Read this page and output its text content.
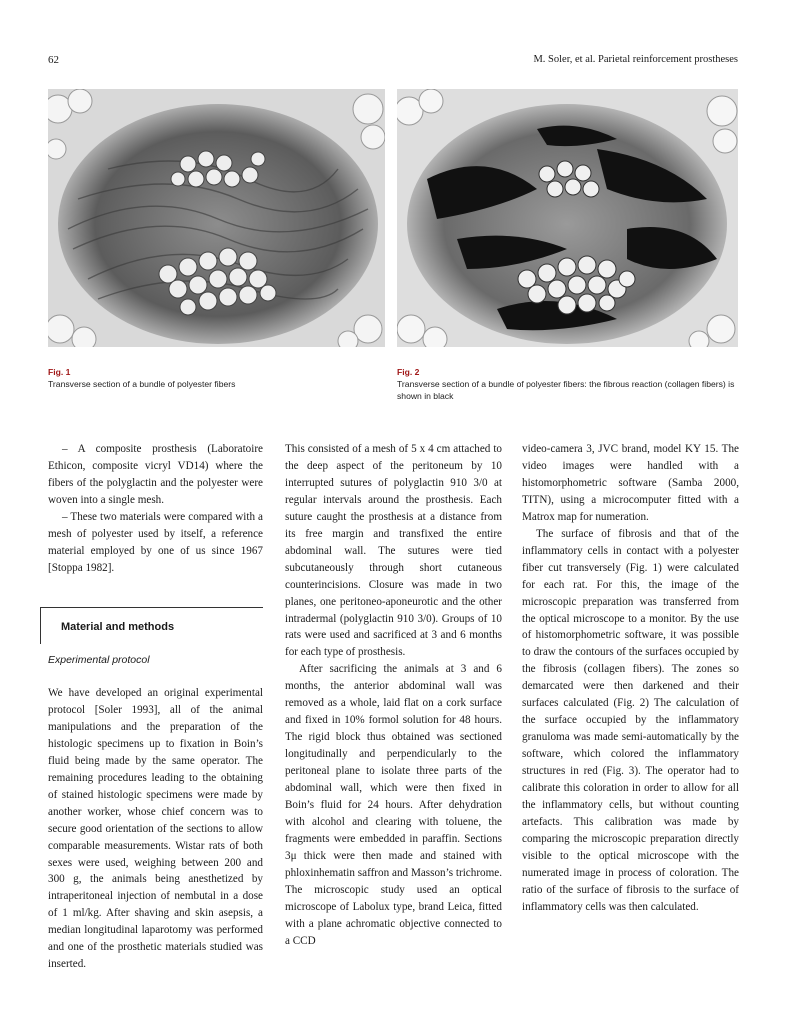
62	M. Soler, et al. Parietal reinforcement prostheses
Fig. 1
Transverse section of a bundle of polyester fibers
Fig. 2
Transverse section of a bundle of polyester fibers: the fibrous reaction (collagen fibers) is shown in black

– A composite prosthesis (Laboratoire Ethicon, composite vicryl VD14) where the fibers of the polyglactin and the polyester were woven into a single mesh.

– These two materials were compared with a mesh of polyester used by itself, a reference material employed by one of us since 1967 [Stoppa 1982].

Material and methods
Experimental protocol

We have developed an original experimental protocol [Soler 1993], all of the animal manipulations and the preparation of the histologic specimens up to fixation in Boin’s fluid being made by the same operator. The remaining procedures leading to the obtaining of stained histologic specimens were made by another worker, whose chief concern was to secure good orientation of the sections to allow comparable measurements. Wistar rats of both sexes were used, weighing between 200 and 300 g, the animals being anesthetized by intraperitoneal injection of nembutal in a dose of 1 ml/kg. After shaving and skin asepsis, a median longitudinal laparotomy was performed and one of the prosthetic materials studied was inserted.

This consisted of a mesh of 5 x 4 cm attached to the deep aspect of the peritoneum by 10 interrupted sutures of polyglactin 910 3/0 at regular intervals around the prosthesis. Each suture caught the prosthesis at a distance from its free margin and transfixed the entire abdominal wall. The sutures were tied subcutaneously through short cutaneous counterincisions. Closure was made in two planes, one peritoneo-aponeurotic and the other intradermal (polyglactin 910 3/0). Groups of 10 rats were used and sacrificed at 3 and 6 months for each type of prosthesis.

After sacrificing the animals at 3 and 6 months, the anterior abdominal wall was removed as a whole, laid flat on a cork surface and fixed in 10% formol solution for 48 hours. The rigid block thus obtained was sectioned longitudinally and perpendicularly to the peritoneal plane to isolate three parts of the abdominal wall, which were then fixed in Boin’s fluid for 24 hours. After dehydration with alcohol and clearing with toluene, the fragments were embedded in paraffin. Sections 3μ thick were then made and stained with phloxinhematin saffron and Masson’s trichrome. The microscopic study used an optical microscope of Labolux type, brand Leica, fitted with a plane achromatic objective connected to a CCD

video-camera 3, JVC brand, model KY 15. The video images were handled with a histomorphometric software (Samba 2000, TITN), using a microcomputer fitted with a Matrox map for numeration.

The surface of fibrosis and that of the inflammatory cells in contact with a polyester fiber cut transversely (Fig. 1) were calculated for each rat. For this, the image of the microscopic preparation was transferred from the optical microscope to a monitor. By the use of histomorphometric software, it was possible to draw the contours of the surfaces occupied by the fibrosis (collagen fibers). The zones so demarcated were then darkened and their surfaces calculated (Fig. 2) The calculation of the surface occupied by the inflammatory granuloma was made semi-automatically by the software, which colored the inflammatory structures in red (Fig. 3). The operator had to calibrate this coloration in order to allow for all the inflammatory cells, but without counting artefacts. This calibration was made by comparing the microscopic preparation directly visible to the optical microscope with the numerated image in process of coloration. The ratio of the surface of fibrosis to the surface of inflammatory cells was then calculated.
